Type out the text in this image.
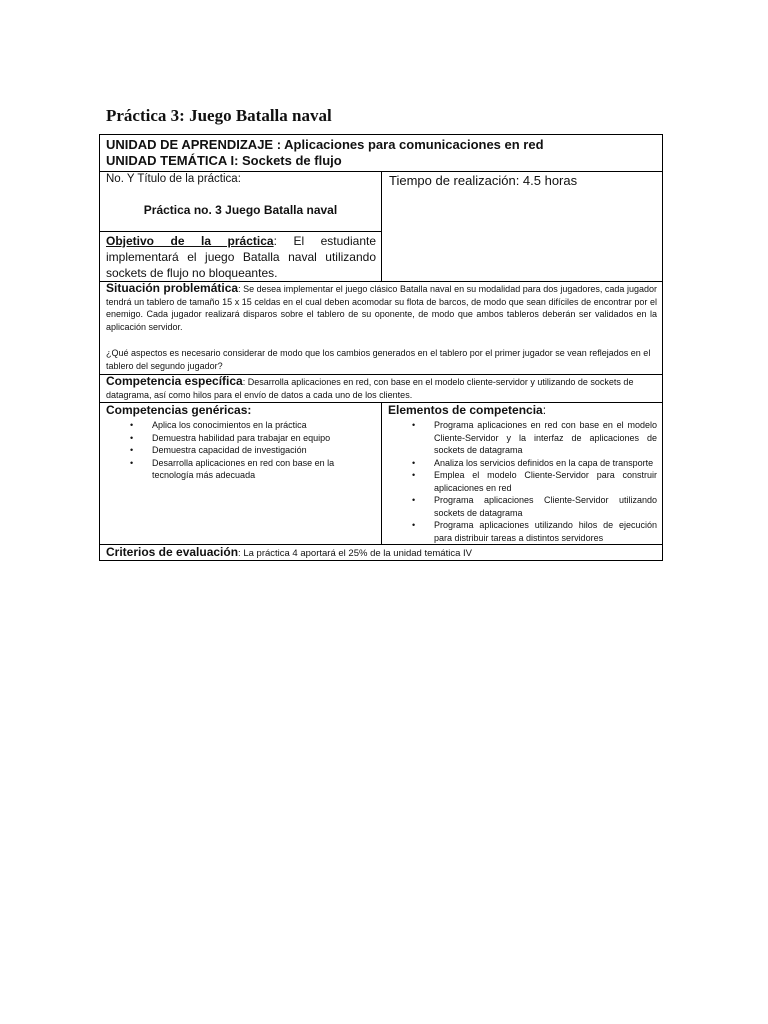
Práctica 3: Juego Batalla naval
UNIDAD DE APRENDIZAJE : Aplicaciones para comunicaciones en red
UNIDAD TEMÁTICA I: Sockets de flujo
No. Y Título de la práctica:
Práctica no. 3 Juego Batalla naval
Tiempo de realización: 4.5 horas
Objetivo de la práctica: El estudiante implementará el juego Batalla naval utilizando sockets de flujo no bloqueantes.
Situación problemática: Se desea implementar el juego clásico Batalla naval en su modalidad para dos jugadores, cada jugador tendrá un tablero de tamaño 15 x 15 celdas en el cual deben acomodar su flota de barcos, de modo que sean difíciles de encontrar por el enemigo. Cada jugador realizará disparos sobre el tablero de su oponente, de modo que ambos tableros deberán ser validados en la aplicación servidor.
¿Qué aspectos es necesario considerar de modo que los cambios generados en el tablero por el primer jugador se vean reflejados en el tablero del segundo jugador?
Competencia específica: Desarrolla aplicaciones en red, con base en el modelo cliente-servidor y utilizando de sockets de datagrama, así como hilos para el envío de datos a cada uno de los clientes.
Competencias genéricas:
• Aplica los conocimientos en la práctica
• Demuestra habilidad para trabajar en equipo
• Demuestra capacidad de investigación
• Desarrolla aplicaciones en red con base en la tecnología más adecuada
Elementos de competencia:
• Programa aplicaciones en red con base en el modelo Cliente-Servidor y la interfaz de aplicaciones de sockets de datagrama
• Analiza los servicios definidos en la capa de transporte
• Emplea el modelo Cliente-Servidor para construir aplicaciones en red
• Programa aplicaciones Cliente-Servidor utilizando sockets de datagrama
• Programa aplicaciones utilizando hilos de ejecución para distribuir tareas a distintos servidores
Criterios de evaluación: La práctica 4 aportará el 25% de la unidad temática IV
